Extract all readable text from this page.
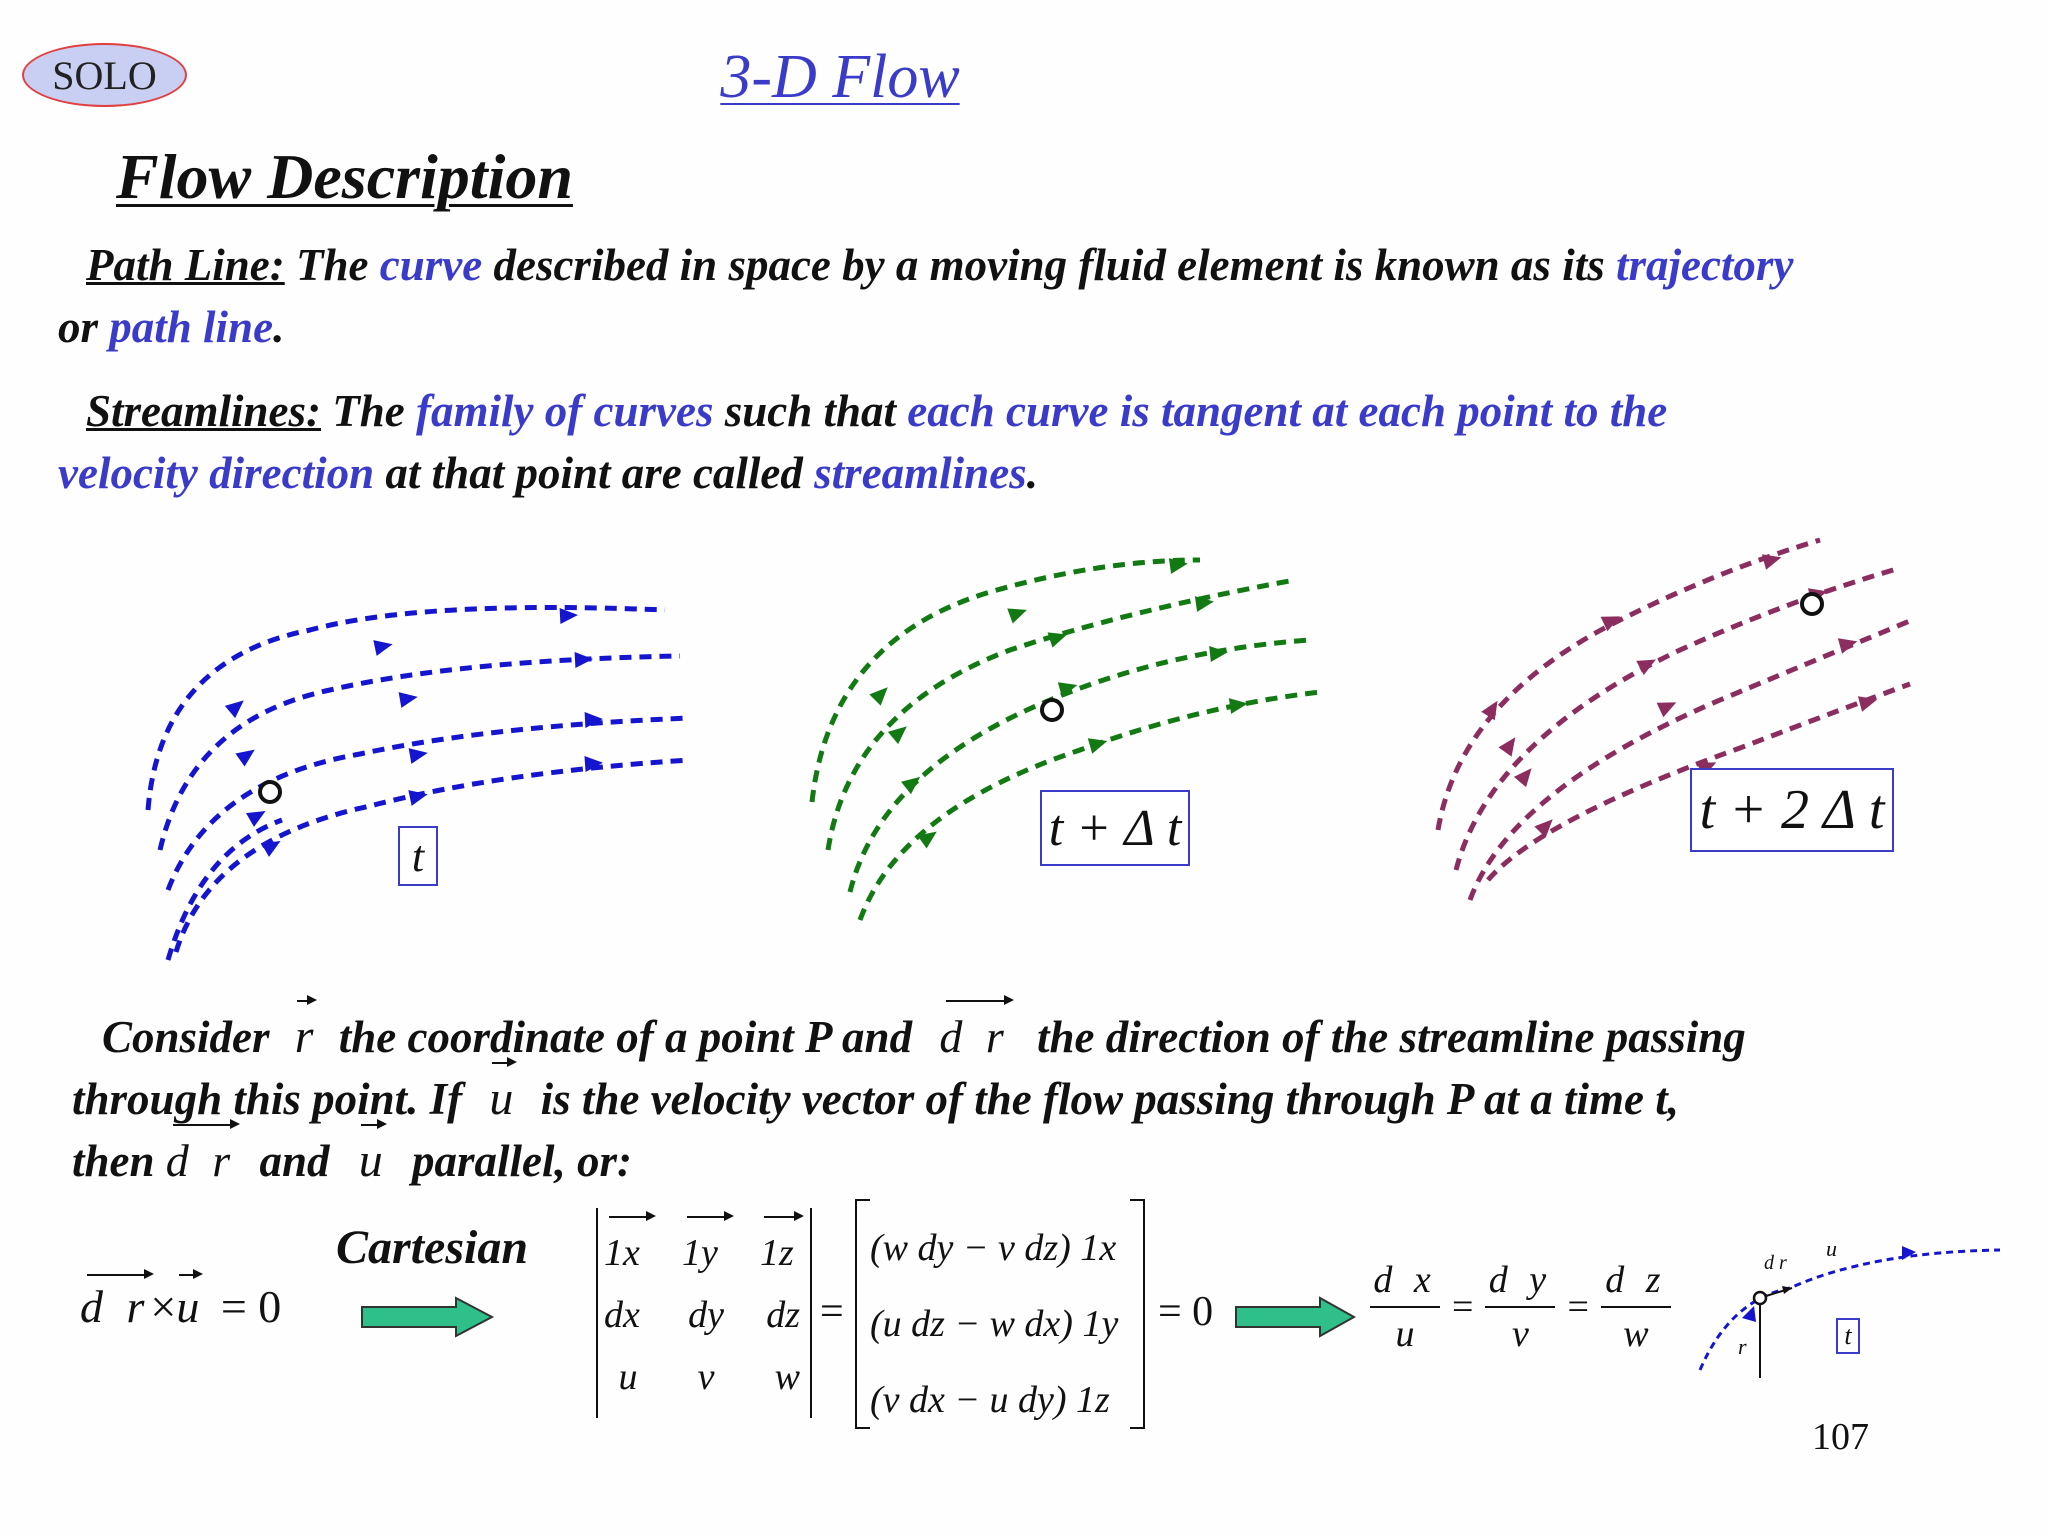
SOLO	3-D Flow
Flow Description
Path Line: The curve described in space by a moving fluid element is known as its trajectory
or path line.
Streamlines: The family of curves such that each curve is tangent at each point to the
velocity direction at that point are called streamlines.
t	t + Δ t	t + 2 Δ t
Consider r the coordinate of a point P and d r the direction of the streamline passing
through this point. If u is the velocity vector of the flow passing through P at a time t,
then d r and u parallel, or:
d r×u = 0
Cartesian 1x	1y	1z
dx	dy dz
u	v	w
=
(w dy − v dz) 1x
(u dz − w dx) 1y
(v dx − u dy) 1z
= 0
d x
u
=
d y
v
=
d z
w
d r
u
r	t
107
